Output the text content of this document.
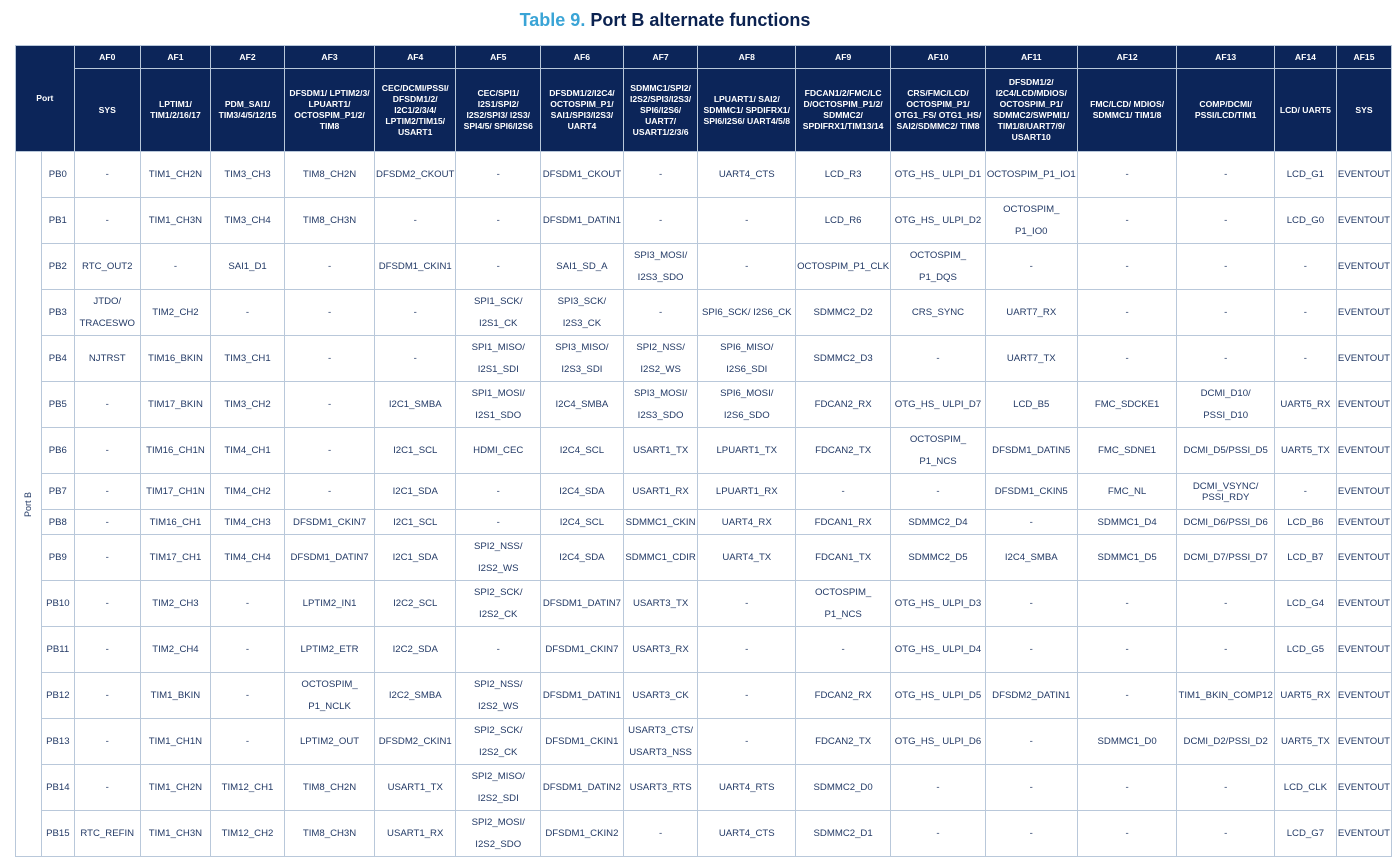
Table 9. Port B alternate functions
Port		AF0	AF1	AF2	AF3	AF4	AF5	AF6	AF7	AF8	AF9	AF10	AF11	AF12	AF13	AF14	AF15
		SYS	LPTIM1/ TIM1/2/16/17	PDM_SAI1/ TIM3/4/5/12/15	DFSDM1/ LPTIM2/3/ LPUART1/ OCTOSPIM_P1/2/ TIM8	CEC/DCMI/PSSI/ DFSDM1/2/ I2C1/2/3/4/ LPTIM2/TIM15/ USART1	CEC/SPI1/ I2S1/SPI2/ I2S2/SPI3/ I2S3/ SPI4/5/ SPI6/I2S6	DFSDM1/2/I2C4/ OCTOSPIM_P1/ SAI1/SPI3/I2S3/ UART4	SDMMC1/SPI2/ I2S2/SPI3/I2S3/ SPI6/I2S6/ UART7/ USART1/2/3/6	LPUART1/ SAI2/ SDMMC1/ SPDIFRX1/ SPI6/I2S6/ UART4/5/8	FDCAN1/2/FMC/LC D/OCTOSPIM_P1/2/ SDMMC2/ SPDIFRX1/TIM13/14	CRS/FMC/LCD/ OCTOSPIM_P1/ OTG1_FS/ OTG1_HS/ SAI2/SDMMC2/ TIM8	DFSDM1/2/ I2C4/LCD/MDIOS/ OCTOSPIM_P1/ SDMMC2/SWPMI1/ TIM1/8/UART7/9/ USART10	FMC/LCD/ MDIOS/ SDMMC1/ TIM1/8	COMP/DCMI/ PSSI/LCD/TIM1	LCD/ UART5	SYS
Port B	PB0	-	TIM1_CH2N	TIM3_CH3	TIM8_CH2N	DFSDM2_CKOUT	-	DFSDM1_CKOUT	-	UART4_CTS	LCD_R3	OTG_HS_ ULPI_D1	OCTOSPIM_P1_IO1	-	-	LCD_G1	EVENTOUT
	PB1	-	TIM1_CH3N	TIM3_CH4	TIM8_CH3N	-	-	DFSDM1_DATIN1	-	-	LCD_R6	OTG_HS_ ULPI_D2	OCTOSPIM_ P1_IO0	-	-	LCD_G0	EVENTOUT
	PB2	RTC_OUT2	-	SAI1_D1	-	DFSDM1_CKIN1	-	SAI1_SD_A	SPI3_MOSI/ I2S3_SDO	-	OCTOSPIM_P1_CLK	OCTOSPIM_ P1_DQS	-	-	-	-	EVENTOUT
	PB3	JTDO/ TRACESWO	TIM2_CH2	-	-	-	SPI1_SCK/ I2S1_CK	SPI3_SCK/ I2S3_CK	-	SPI6_SCK/ I2S6_CK	SDMMC2_D2	CRS_SYNC	UART7_RX	-	-	-	EVENTOUT
	PB4	NJTRST	TIM16_BKIN	TIM3_CH1	-	-	SPI1_MISO/ I2S1_SDI	SPI3_MISO/ I2S3_SDI	SPI2_NSS/ I2S2_WS	SPI6_MISO/ I2S6_SDI	SDMMC2_D3	-	UART7_TX	-	-	-	EVENTOUT
	PB5	-	TIM17_BKIN	TIM3_CH2	-	I2C1_SMBA	SPI1_MOSI/ I2S1_SDO	I2C4_SMBA	SPI3_MOSI/ I2S3_SDO	SPI6_MOSI/ I2S6_SDO	FDCAN2_RX	OTG_HS_ ULPI_D7	LCD_B5	FMC_SDCKE1	DCMI_D10/ PSSI_D10	UART5_RX	EVENTOUT
	PB6	-	TIM16_CH1N	TIM4_CH1	-	I2C1_SCL	HDMI_CEC	I2C4_SCL	USART1_TX	LPUART1_TX	FDCAN2_TX	OCTOSPIM_ P1_NCS	DFSDM1_DATIN5	FMC_SDNE1	DCMI_D5/PSSI_D5	UART5_TX	EVENTOUT
	PB7	-	TIM17_CH1N	TIM4_CH2	-	I2C1_SDA	-	I2C4_SDA	USART1_RX	LPUART1_RX	-	-	DFSDM1_CKIN5	FMC_NL	DCMI_VSYNC/ PSSI_RDY	-	EVENTOUT
	PB8	-	TIM16_CH1	TIM4_CH3	DFSDM1_CKIN7	I2C1_SCL	-	I2C4_SCL	SDMMC1_CKIN	UART4_RX	FDCAN1_RX	SDMMC2_D4	-	SDMMC1_D4	DCMI_D6/PSSI_D6	LCD_B6	EVENTOUT
	PB9	-	TIM17_CH1	TIM4_CH4	DFSDM1_DATIN7	I2C1_SDA	SPI2_NSS/ I2S2_WS	I2C4_SDA	SDMMC1_CDIR	UART4_TX	FDCAN1_TX	SDMMC2_D5	I2C4_SMBA	SDMMC1_D5	DCMI_D7/PSSI_D7	LCD_B7	EVENTOUT
	PB10	-	TIM2_CH3	-	LPTIM2_IN1	I2C2_SCL	SPI2_SCK/ I2S2_CK	DFSDM1_DATIN7	USART3_TX	-	OCTOSPIM_ P1_NCS	OTG_HS_ ULPI_D3	-	-	-	LCD_G4	EVENTOUT
	PB11	-	TIM2_CH4	-	LPTIM2_ETR	I2C2_SDA	-	DFSDM1_CKIN7	USART3_RX	-	-	OTG_HS_ ULPI_D4	-	-	-	LCD_G5	EVENTOUT
	PB12	-	TIM1_BKIN	-	OCTOSPIM_ P1_NCLK	I2C2_SMBA	SPI2_NSS/ I2S2_WS	DFSDM1_DATIN1	USART3_CK	-	FDCAN2_RX	OTG_HS_ ULPI_D5	DFSDM2_DATIN1	-	TIM1_BKIN_COMP12	UART5_RX	EVENTOUT
	PB13	-	TIM1_CH1N	-	LPTIM2_OUT	DFSDM2_CKIN1	SPI2_SCK/ I2S2_CK	DFSDM1_CKIN1	USART3_CTS/ USART3_NSS	-	FDCAN2_TX	OTG_HS_ ULPI_D6	-	SDMMC1_D0	DCMI_D2/PSSI_D2	UART5_TX	EVENTOUT
	PB14	-	TIM1_CH2N	TIM12_CH1	TIM8_CH2N	USART1_TX	SPI2_MISO/ I2S2_SDI	DFSDM1_DATIN2	USART3_RTS	UART4_RTS	SDMMC2_D0	-	-	-	-	LCD_CLK	EVENTOUT
	PB15	RTC_REFIN	TIM1_CH3N	TIM12_CH2	TIM8_CH3N	USART1_RX	SPI2_MOSI/ I2S2_SDO	DFSDM1_CKIN2	-	UART4_CTS	SDMMC2_D1	-	-	-	-	LCD_G7	EVENTOUT
